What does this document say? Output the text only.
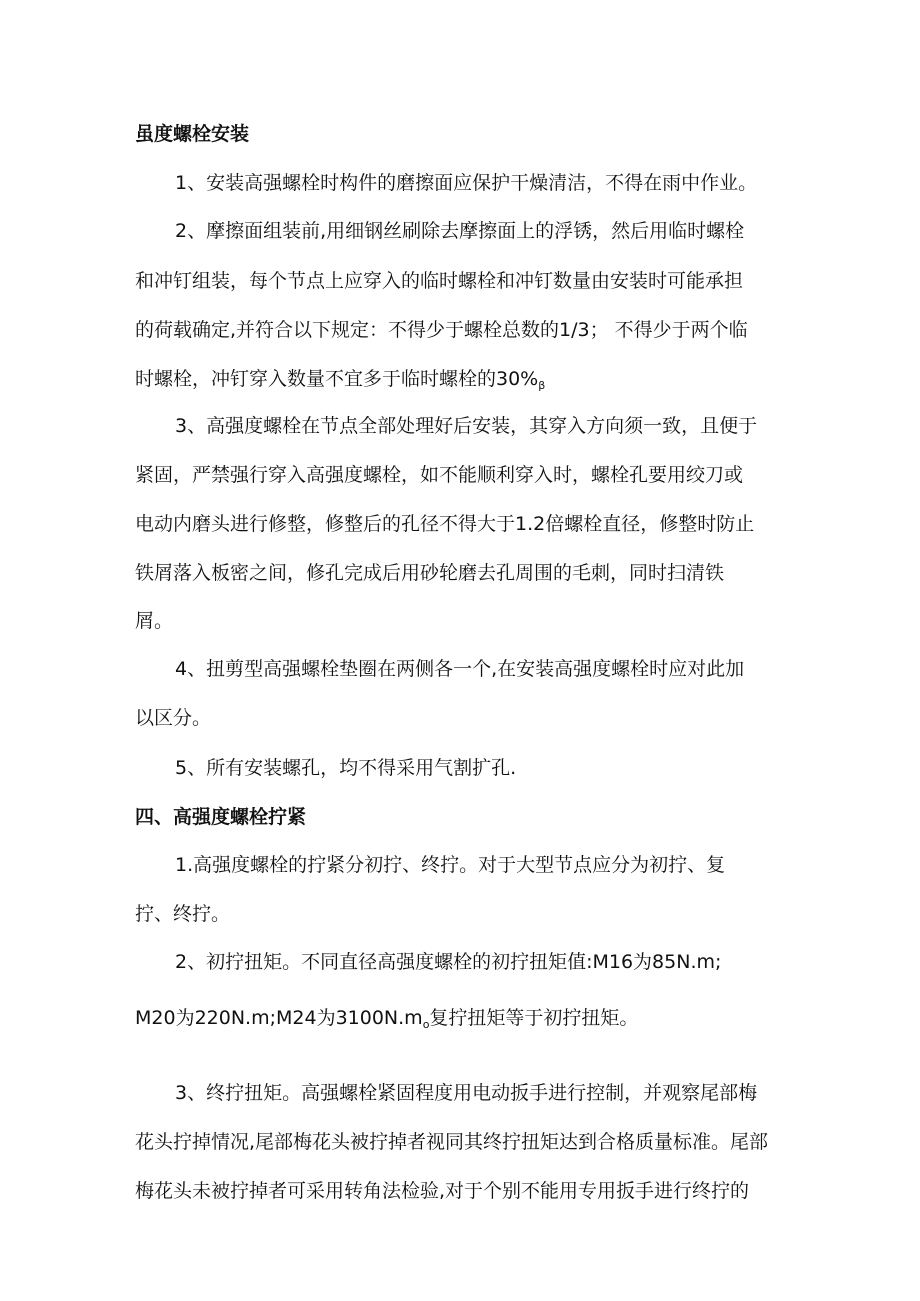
虽度螺栓安装
1、安装高强螺栓时构件的磨擦面应保护干燥清洁，不得在雨中作业。
2、摩擦面组装前,用细钢丝刷除去摩擦面上的浮锈，然后用临时螺栓
和冲钉组装，每个节点上应穿入的临时螺栓和冲钉数量由安装时可能承担
的荷载确定,并符合以下规定：不得少于螺栓总数的1/3； 不得少于两个临
时螺栓，冲钉穿入数量不宜多于临时螺栓的$30\%_\beta$
3、高强度螺栓在节点全部处理好后安装，其穿入方向须一致，且便于
紧固，严禁强行穿入高强度螺栓，如不能顺利穿入时，螺栓孔要用绞刀或
电动内磨头进行修整，修整后的孔径不得大于1.2倍螺栓直径，修整时防止
铁屑落入板密之间，修孔完成后用砂轮磨去孔周围的毛刺，同时扫清铁
屑。
4、扭剪型高强螺栓垫圈在两侧各一个,在安装高强度螺栓时应对此加
以区分。
5、所有安装螺孔，均不得采用气割扩孔.
四、高强度螺栓拧紧
1.高强度螺栓的拧紧分初拧、终拧。对于大型节点应分为初拧、复
拧、终拧。
2、初拧扭矩。不同直径高强度螺栓的初拧扭矩值:M16为85N.m;
M20为220N.m;M24为$3100N.m_o$复拧扭矩等于初拧扭矩。
3、终拧扭矩。高强螺栓紧固程度用电动扳手进行控制，并观察尾部梅
花头拧掉情况,尾部梅花头被拧掉者视同其终拧扭矩达到合格质量标准。尾部
梅花头未被拧掉者可采用转角法检验,对于个别不能用专用扳手进行终拧的
